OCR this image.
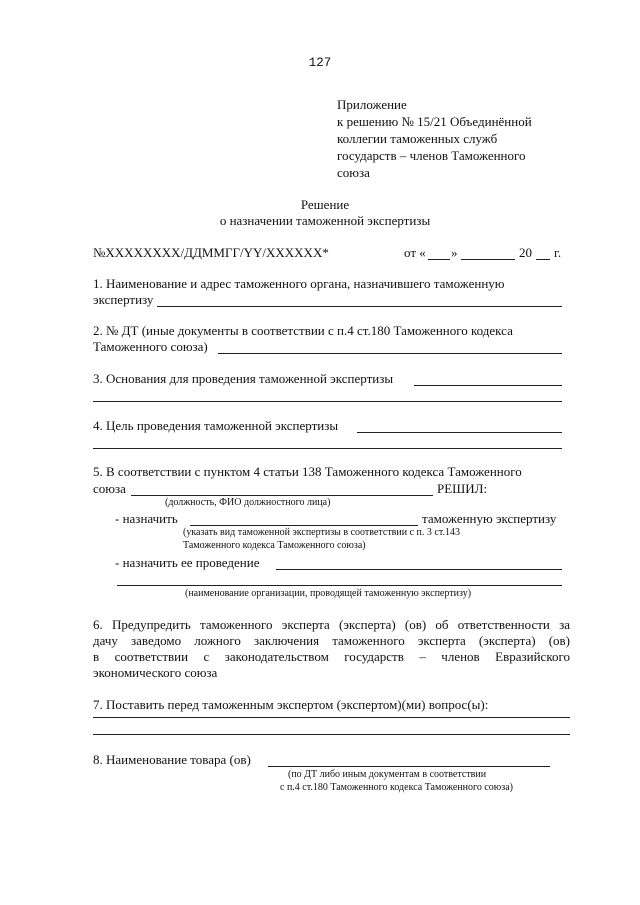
127
Приложение
к решению № 15/21 Объединённой
коллегии таможенных служб
государств – членов Таможенного
союза
Решение
о назначении таможенной экспертизы
№XXXXXXXX/ДДММГГ/YY/XXXXXX*	от « »	20 г.
1. Наименование и адрес таможенного органа, назначившего таможенную
экспертизу
2. № ДТ (иные документы в соответствии с п.4 ст.180 Таможенного кодекса
Таможенного союза)
3. Основания для проведения таможенной экспертизы
4. Цель проведения таможенной экспертизы
5. В соответствии с пунктом 4 статьи 138 Таможенного кодекса Таможенного
союза	РЕШИЛ:
(должность, ФИО должностного лица)
- назначить	таможенную экспертизу
(указать вид таможенной экспертизы в соответствии с п. 3 ст.143
Таможенного кодекса Таможенного союза)
- назначить ее проведение
(наименование организации, проводящей таможенную экспертизу)
6. Предупредить таможенного эксперта (эксперта) (ов) об ответственности за
дачу заведомо ложного заключения таможенного эксперта (эксперта) (ов)
в соответствии с законодательством государств – членов Евразийского
экономического союза
7. Поставить перед таможенным экспертом (экспертом)(ми) вопрос(ы):
8. Наименование товара (ов)
(по ДТ либо иным документам в соответствии
с п.4 ст.180 Таможенного кодекса Таможенного союза)
